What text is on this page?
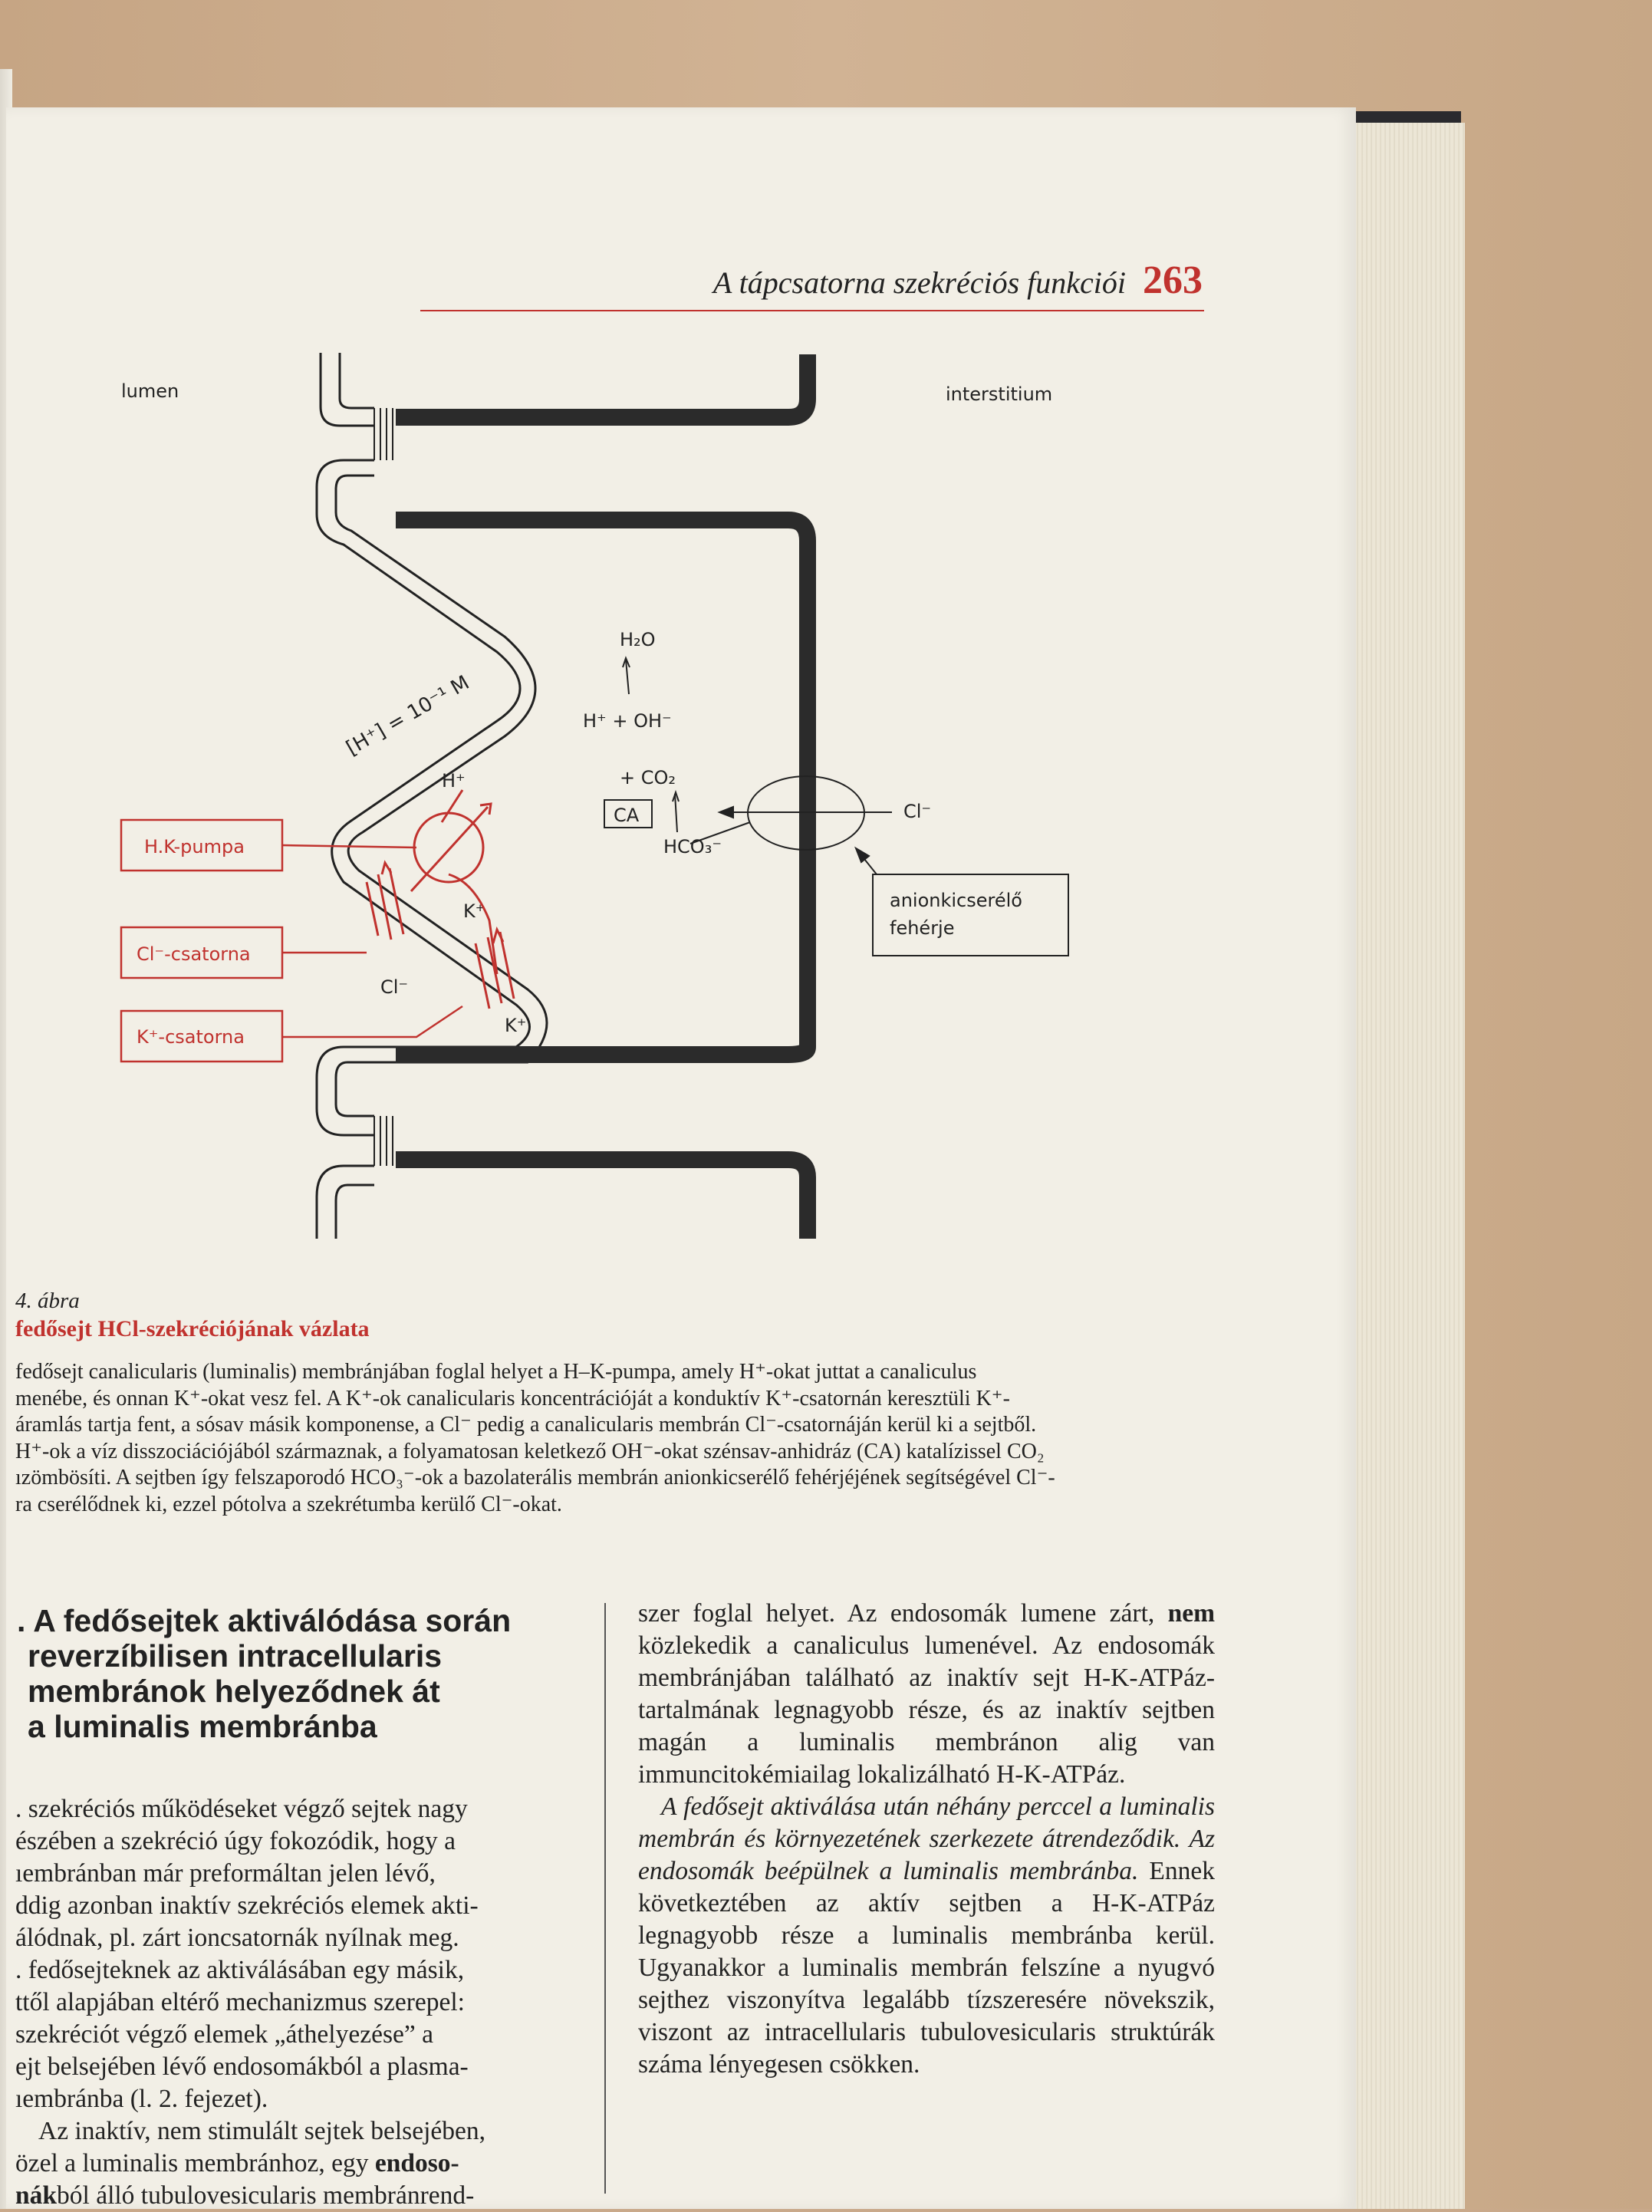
A tápcsatorna szekréciós funkciói 263
lumen	interstitium
H₂O
H⁺ + OH⁻
+ CO₂
CA
HCO₃⁻
Cl⁻
H⁺
K⁺
Cl⁻
K⁺
[H⁺] = 10⁻¹ M
anionkicserélő
fehérje
H.K-pumpa
Cl⁻-csatorna
K⁺-csatorna
4. ábra
fedősejt HCl-szekréciójának vázlata

fedősejt canalicularis (luminalis) membránjában foglal helyet a H–K-pumpa, amely H⁺-okat juttat a canaliculus

menébe, és onnan K⁺-okat vesz fel. A K⁺-ok canalicularis koncentrációját a konduktív K⁺-csatornán keresztüli K⁺-

áramlás tartja fent, a sósav másik komponense, a Cl⁻ pedig a canalicularis membrán Cl⁻-csatornáján kerül ki a sejtből.

H⁺-ok a víz disszociációjából származnak, a folyamatosan keletkező OH⁻-okat szénsav-anhidráz (CA) katalízissel CO₂

ızömbösíti. A sejtben így felszaporodó HCO₃⁻-ok a bazolaterális membrán anionkicserélő fehérjéjének segítségével Cl⁻-

ra cserélődnek ki, ezzel pótolva a szekrétumba kerülő Cl⁻-okat.

. A fedősejtek aktiválódása során
reverzíbilisen intracellularis
membránok helyeződnek át
a luminalis membránba

. szekréciós működéseket végző sejtek nagy

észében a szekréció úgy fokozódik, hogy a

ıembránban már preformáltan jelen lévő,

ddig azonban inaktív szekréciós elemek akti-

álódnak, pl. zárt ioncsatornák nyílnak meg.

. fedősejteknek az aktiválásában egy másik,

ttől alapjában eltérő mechanizmus szerepel:

szekréciót végző elemek „áthelyezése” a

ejt belsejében lévő endosomákból a plasma-

ıembránba (l. 2. fejezet).

Az inaktív, nem stimulált sejtek belsejében,

özel a luminalis membránhoz, egy endoso-

nákból álló tubulovesicularis membránrend-

szer foglal helyet. Az endosomák lumene zárt, nem közlekedik a canaliculus lumenével. Az endosomák membránjában található az inaktív sejt H-K-ATPáz-tartalmának legnagyobb része, és az inaktív sejtben magán a luminalis membránon alig van immuncitokémiailag lokalizálható H-K-ATPáz.

A fedősejt aktiválása után néhány perccel a luminalis membrán és környezetének szerkezete átrendeződik. Az endosomák beépülnek a luminalis membránba. Ennek következtében az aktív sejtben a H-K-ATPáz legnagyobb része a luminalis membránba kerül. Ugyanakkor a luminalis membrán felszíne a nyugvó sejthez viszonyítva legalább tízszeresére növekszik, viszont az intracellularis tubulovesicularis struktúrák száma lényegesen csökken.
